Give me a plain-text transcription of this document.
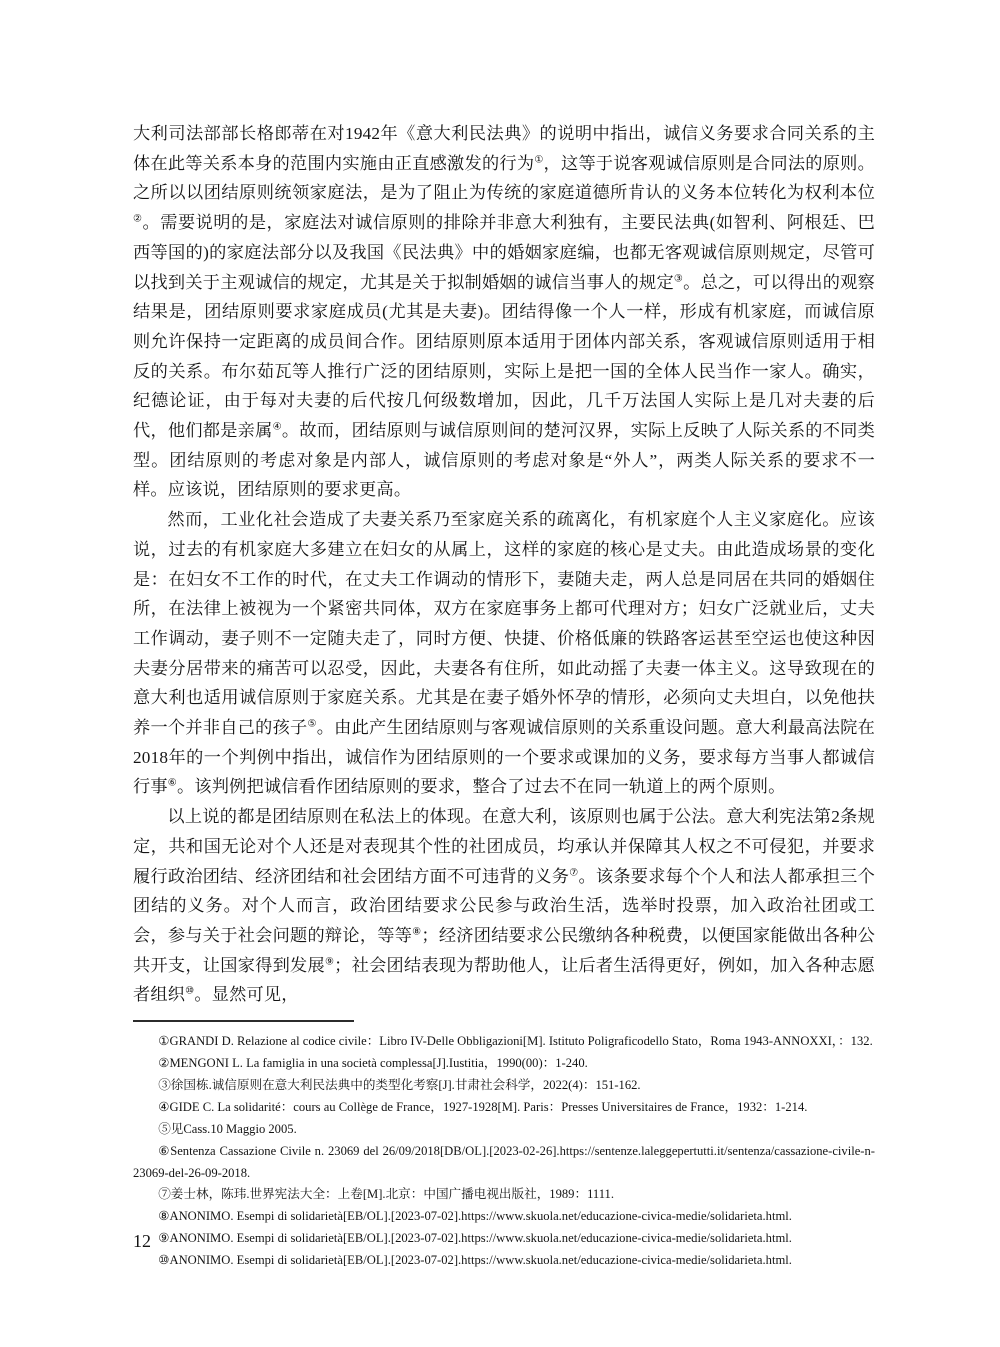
大利司法部部长格郎蒂在对1942年《意大利民法典》的说明中指出，诚信义务要求合同关系的主体在此等关系本身的范围内实施由正直感激发的行为①，这等于说客观诚信原则是合同法的原则。之所以以团结原则统领家庭法，是为了阻止为传统的家庭道德所肯认的义务本位转化为权利本位②。需要说明的是，家庭法对诚信原则的排除并非意大利独有，主要民法典(如智利、阿根廷、巴西等国的)的家庭法部分以及我国《民法典》中的婚姻家庭编，也都无客观诚信原则规定，尽管可以找到关于主观诚信的规定，尤其是关于拟制婚姻的诚信当事人的规定③。总之，可以得出的观察结果是，团结原则要求家庭成员(尤其是夫妻)。团结得像一个人一样，形成有机家庭，而诚信原则允许保持一定距离的成员间合作。团结原则原本适用于团体内部关系，客观诚信原则适用于相反的关系。布尔茹瓦等人推行广泛的团结原则，实际上是把一国的全体人民当作一家人。确实，纪德论证，由于每对夫妻的后代按几何级数增加，因此，几千万法国人实际上是几对夫妻的后代，他们都是亲属④。故而，团结原则与诚信原则间的楚河汉界，实际上反映了人际关系的不同类型。团结原则的考虑对象是内部人，诚信原则的考虑对象是“外人”，两类人际关系的要求不一样。应该说，团结原则的要求更高。

然而，工业化社会造成了夫妻关系乃至家庭关系的疏离化，有机家庭个人主义家庭化。应该说，过去的有机家庭大多建立在妇女的从属上，这样的家庭的核心是丈夫。由此造成场景的变化是：在妇女不工作的时代，在丈夫工作调动的情形下，妻随夫走，两人总是同居在共同的婚姻住所，在法律上被视为一个紧密共同体，双方在家庭事务上都可代理对方；妇女广泛就业后，丈夫工作调动，妻子则不一定随夫走了，同时方便、快捷、价格低廉的铁路客运甚至空运也使这种因夫妻分居带来的痛苦可以忍受，因此，夫妻各有住所，如此动摇了夫妻一体主义。这导致现在的意大利也适用诚信原则于家庭关系。尤其是在妻子婚外怀孕的情形，必须向丈夫坦白，以免他扶养一个并非自己的孩子⑤。由此产生团结原则与客观诚信原则的关系重设问题。意大利最高法院在2018年的一个判例中指出，诚信作为团结原则的一个要求或课加的义务，要求每方当事人都诚信行事⑥。该判例把诚信看作团结原则的要求，整合了过去不在同一轨道上的两个原则。

以上说的都是团结原则在私法上的体现。在意大利，该原则也属于公法。意大利宪法第2条规定，共和国无论对个人还是对表现其个性的社团成员，均承认并保障其人权之不可侵犯，并要求履行政治团结、经济团结和社会团结方面不可违背的义务⑦。该条要求每个个人和法人都承担三个团结的义务。对个人而言，政治团结要求公民参与政治生活，选举时投票，加入政治社团或工会，参与关于社会问题的辩论，等等⑧；经济团结要求公民缴纳各种税费，以便国家能做出各种公共开支，让国家得到发展⑨；社会团结表现为帮助他人，让后者生活得更好，例如，加入各种志愿者组织⑩。显然可见，

①GRANDI D. Relazione al codice civile：Libro IV-Delle Obbligazioni[M]. Istituto Poligraficodello Stato，Roma 1943-ANNOXXI，：132.

②MENGONI L. La famiglia in una società complessa[J].Iustitia，1990(00)：1-240.

③徐国栋.诚信原则在意大利民法典中的类型化考察[J].甘肃社会科学，2022(4)：151-162.

④GIDE C. La solidarité：cours au Collège de France，1927-1928[M]. Paris：Presses Universitaires de France，1932：1-214.

⑤见Cass.10 Maggio 2005.

⑥Sentenza Cassazione Civile n. 23069 del 26/09/2018[DB/OL].[2023-02-26].https://sentenze.laleggepertutti.it/sentenza/cassazione-civile-n-23069-del-26-09-2018.

⑦姜士林，陈玮.世界宪法大全：上卷[M].北京：中国广播电视出版社，1989：1111.

⑧ANONIMO. Esempi di solidarietà[EB/OL].[2023-07-02].https://www.skuola.net/educazione-civica-medie/solidarieta.html.

⑨ANONIMO. Esempi di solidarietà[EB/OL].[2023-07-02].https://www.skuola.net/educazione-civica-medie/solidarieta.html.

⑩ANONIMO. Esempi di solidarietà[EB/OL].[2023-07-02].https://www.skuola.net/educazione-civica-medie/solidarieta.html.

12
